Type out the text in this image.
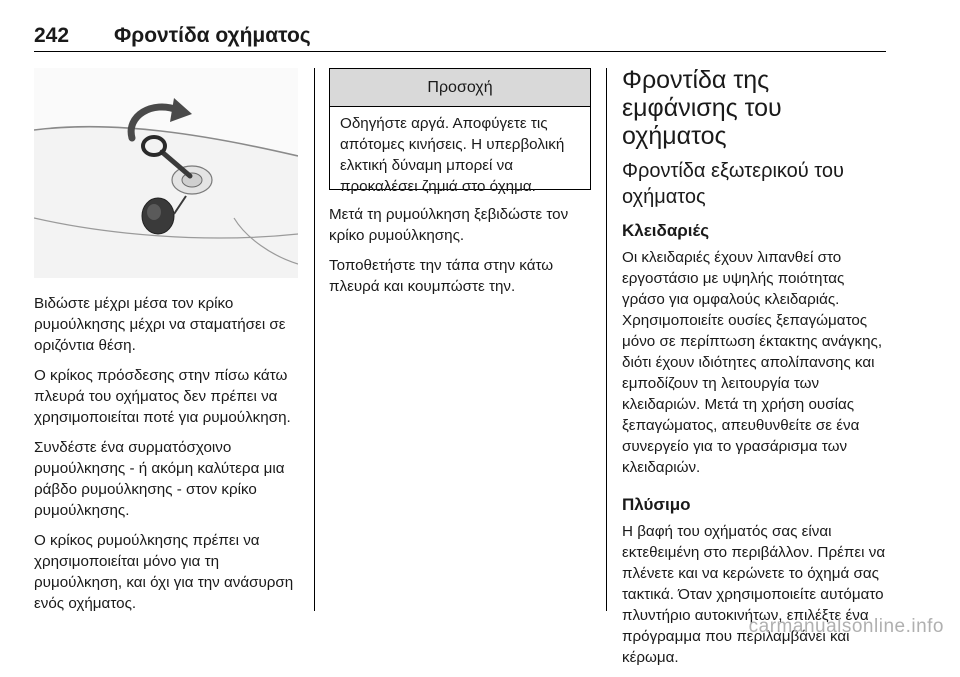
242 Φροντίδα οχήματος

Βιδώστε μέχρι μέσα τον κρίκο ρυμούλκησης μέχρι να σταματήσει σε οριζόντια θέση.

Ο κρίκος πρόσδεσης στην πίσω κάτω πλευρά του οχήματος δεν πρέπει να χρησιμοποιείται ποτέ για ρυμούλκηση.

Συνδέστε ένα συρματόσχοινο ρυμούλκησης - ή ακόμη καλύτερα μια ράβδο ρυμούλκησης - στον κρίκο ρυμούλκησης.

Ο κρίκος ρυμούλκησης πρέπει να χρησιμοποιείται μόνο για τη ρυμούλκηση, και όχι για την ανάσυρση ενός οχήματος.

Προσοχή
Οδηγήστε αργά. Αποφύγετε τις απότομες κινήσεις. Η υπερβολική ελκτική δύναμη μπορεί να προκαλέσει ζημιά στο όχημα.

Μετά τη ρυμούλκηση ξεβιδώστε τον κρίκο ρυμούλκησης.

Τοποθετήστε την τάπα στην κάτω πλευρά και κουμπώστε την.

Φροντίδα της εμφάνισης του οχήματος
Φροντίδα εξωτερικού του οχήματος
Κλειδαριές

Οι κλειδαριές έχουν λιπανθεί στο εργοστάσιο με υψηλής ποιότητας γράσο για ομφαλούς κλειδαριάς. Χρησιμοποιείτε ουσίες ξεπαγώματος μόνο σε περίπτωση έκτακτης ανάγκης, διότι έχουν ιδιότητες απολίπανσης και εμποδίζουν τη λειτουργία των κλειδαριών. Μετά τη χρήση ουσίας ξεπαγώματος, απευθυνθείτε σε ένα συνεργείο για το γρασάρισμα των κλειδαριών.

Πλύσιμο

Η βαφή του οχήματός σας είναι εκτεθειμένη στο περιβάλλον. Πρέπει να πλένετε και να κερώνετε το όχημά σας τακτικά. Όταν χρησιμοποιείτε αυτόματο πλυντήριο αυτοκινήτων, επιλέξτε ένα πρόγραμμα που περιλαμβάνει και κέρωμα.

carmanualsonline.info
